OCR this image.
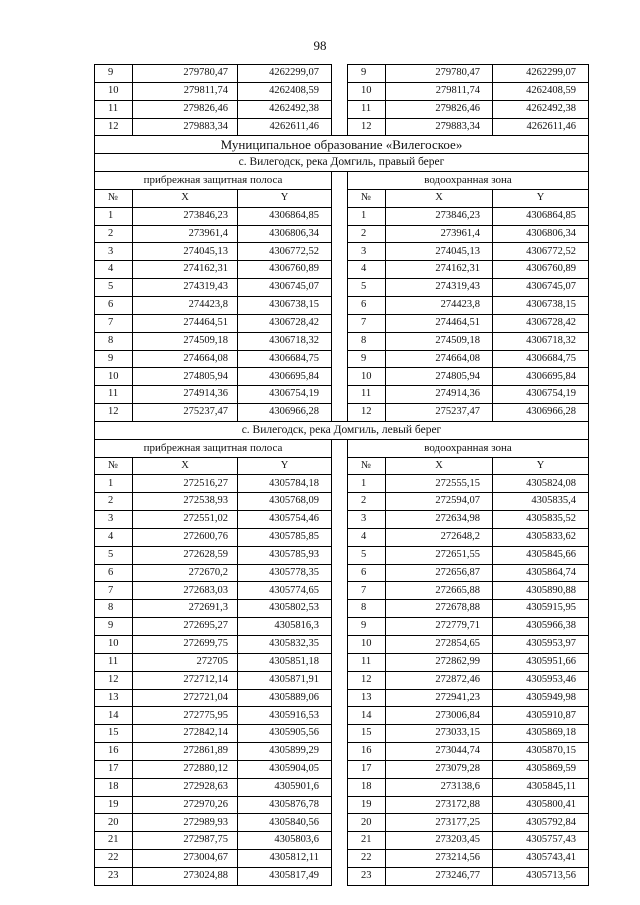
98
9	279780,47	4262299,07		9	279780,47	4262299,07
10	279811,74	4262408,59		10	279811,74	4262408,59
11	279826,46	4262492,38		11	279826,46	4262492,38
12	279883,34	4262611,46		12	279883,34	4262611,46
Муниципальное образование «Вилегоское»						
с. Вилегодск, река Домгиль, правый берег						
прибрежная защитная полоса				водоохранная зона		
№	X	Y		№	X	Y
1	273846,23	4306864,85		1	273846,23	4306864,85
2	273961,4	4306806,34		2	273961,4	4306806,34
3	274045,13	4306772,52		3	274045,13	4306772,52
4	274162,31	4306760,89		4	274162,31	4306760,89
5	274319,43	4306745,07		5	274319,43	4306745,07
6	274423,8	4306738,15		6	274423,8	4306738,15
7	274464,51	4306728,42		7	274464,51	4306728,42
8	274509,18	4306718,32		8	274509,18	4306718,32
9	274664,08	4306684,75		9	274664,08	4306684,75
10	274805,94	4306695,84		10	274805,94	4306695,84
11	274914,36	4306754,19		11	274914,36	4306754,19
12	275237,47	4306966,28		12	275237,47	4306966,28
с. Вилегодск, река Домгиль, левый берег						
прибрежная защитная полоса				водоохранная зона		
№	X	Y		№	X	Y
1	272516,27	4305784,18		1	272555,15	4305824,08
2	272538,93	4305768,09		2	272594,07	4305835,4
3	272551,02	4305754,46		3	272634,98	4305835,52
4	272600,76	4305785,85		4	272648,2	4305833,62
5	272628,59	4305785,93		5	272651,55	4305845,66
6	272670,2	4305778,35		6	272656,87	4305864,74
7	272683,03	4305774,65		7	272665,88	4305890,88
8	272691,3	4305802,53		8	272678,88	4305915,95
9	272695,27	4305816,3		9	272779,71	4305966,38
10	272699,75	4305832,35		10	272854,65	4305953,97
11	272705	4305851,18		11	272862,99	4305951,66
12	272712,14	4305871,91		12	272872,46	4305953,46
13	272721,04	4305889,06		13	272941,23	4305949,98
14	272775,95	4305916,53		14	273006,84	4305910,87
15	272842,14	4305905,56		15	273033,15	4305869,18
16	272861,89	4305899,29		16	273044,74	4305870,15
17	272880,12	4305904,05		17	273079,28	4305869,59
18	272928,63	4305901,6		18	273138,6	4305845,11
19	272970,26	4305876,78		19	273172,88	4305800,41
20	272989,93	4305840,56		20	273177,25	4305792,84
21	272987,75	4305803,6		21	273203,45	4305757,43
22	273004,67	4305812,11		22	273214,56	4305743,41
23	273024,88	4305817,49		23	273246,77	4305713,56
